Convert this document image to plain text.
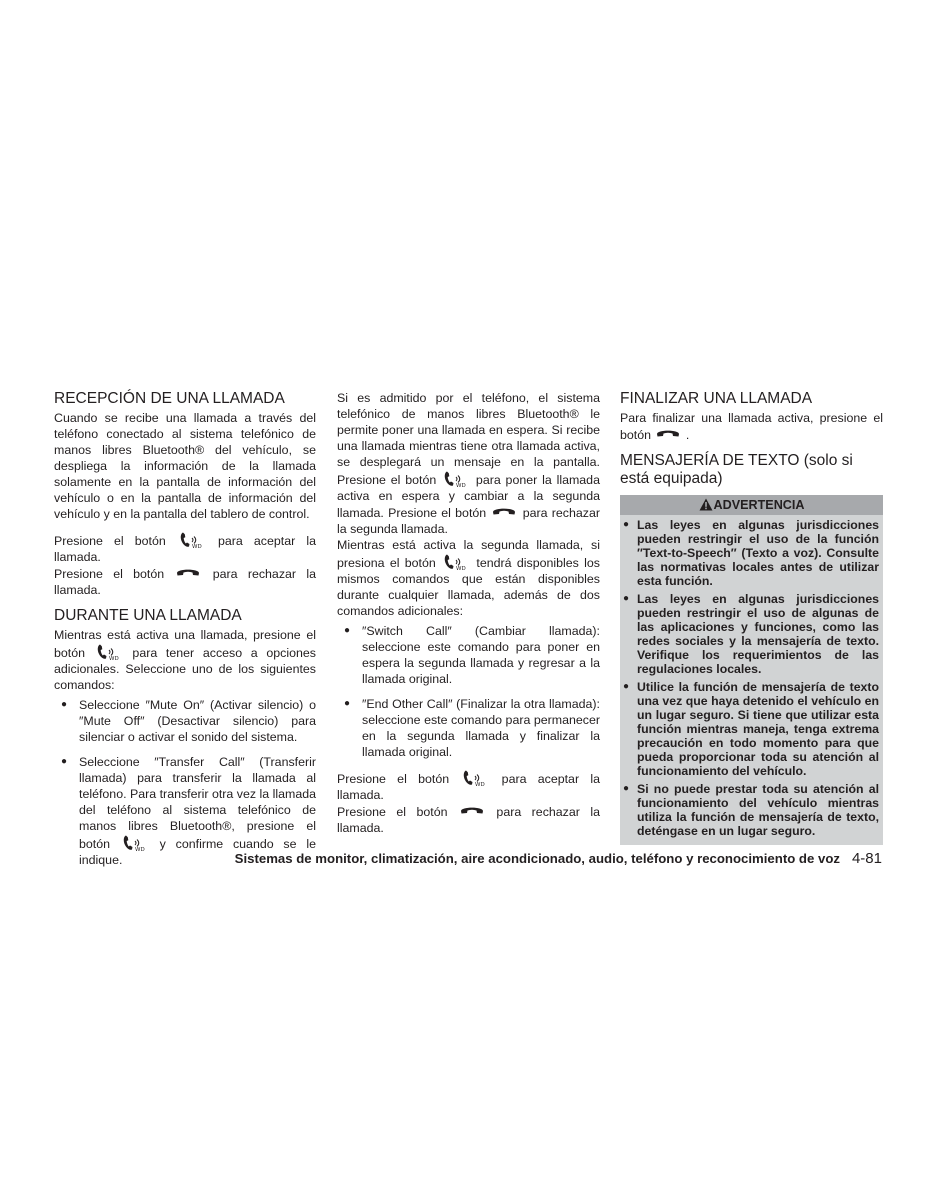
RECEPCIÓN DE UNA LLAMADA

Cuando se recibe una llamada a través del teléfono conectado al sistema telefónico de manos libres Bluetooth® del vehículo, se despliega la información de la llamada solamente en la pantalla de información del vehículo o en la pantalla de información del vehículo y en la pantalla del tablero de control.

Presione el botón	WD para aceptar la llamada.

Presione el botón	para rechazar la llamada.

DURANTE UNA LLAMADA

Mientras está activa una llamada, presione el botón	WD para tener acceso a opciones adicionales. Seleccione uno de los siguientes comandos:

● Seleccione ″Mute On″ (Activar silencio) o ″Mute Off″ (Desactivar silencio) para silenciar o activar el sonido del sistema.
● Seleccione ″Transfer Call″ (Transferir llamada) para transferir la llamada al teléfono. Para transferir otra vez la llamada del teléfono al sistema telefónico de manos libres Bluetooth®, presione el botón	WD y confirme cuando se le indique.

Si es admitido por el teléfono, el sistema telefónico de manos libres Bluetooth® le permite poner una llamada en espera. Si recibe una llamada mientras tiene otra llamada activa, se desplegará un mensaje en la pantalla. Presione el botón	WD para poner la llamada activa en espera y cambiar a la segunda llamada. Presione el botón	para rechazar la segunda llamada.

Mientras está activa la segunda llamada, si presiona el botón	WD tendrá disponibles los mismos comandos que están disponibles durante cualquier llamada, además de dos comandos adicionales:

● ″Switch Call″ (Cambiar llamada): seleccione este comando para poner en espera la segunda llamada y regresar a la llamada original.
● ″End Other Call″ (Finalizar la otra llamada): seleccione este comando para permanecer en la segunda llamada y finalizar la llamada original.

Presione el botón	WD para aceptar la llamada.

Presione el botón	para rechazar la llamada.

FINALIZAR UNA LLAMADA

Para finalizar una llamada activa, presione el botón	.

MENSAJERÍA DE TEXTO (solo si está equipada)
ADVERTENCIA
● Las leyes en algunas jurisdicciones pueden restringir el uso de la función ″Text-to-Speech″ (Texto a voz). Consulte las normativas locales antes de utilizar esta función.
● Las leyes en algunas jurisdicciones pueden restringir el uso de algunas de las aplicaciones y funciones, como las redes sociales y la mensajería de texto. Verifique los requerimientos de las regulaciones locales.
● Utilice la función de mensajería de texto una vez que haya detenido el vehículo en un lugar seguro. Si tiene que utilizar esta función mientras maneja, tenga extrema precaución en todo momento para que pueda proporcionar toda su atención al funcionamiento del vehículo.
● Si no puede prestar toda su atención al funcionamiento del vehículo mientras utiliza la función de mensajería de texto, deténgase en un lugar seguro.
Sistemas de monitor, climatización, aire acondicionado, audio, teléfono y reconocimiento de voz 4-81
